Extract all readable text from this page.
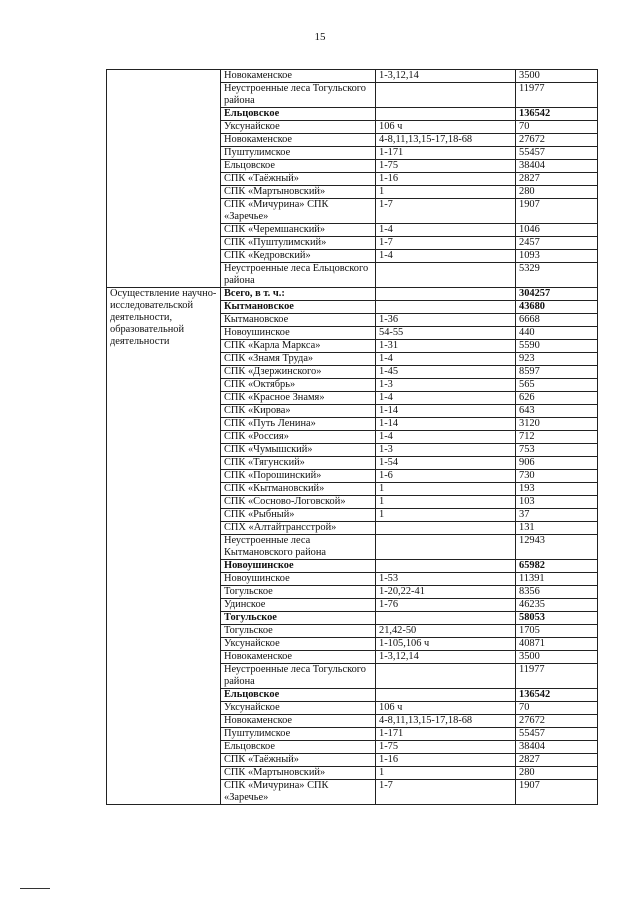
15
	Новокаменское	1-3,12,14	3500
	Неустроенные леса Тогульского района		11977
	Ельцовское		136542
	Уксунайское	106 ч	70
	Новокаменское	4-8,11,13,15-17,18-68	27672
	Пуштулимское	1-171	55457
	Ельцовское	1-75	38404
	СПК «Таёжный»	1-16	2827
	СПК «Мартыновский»	1	280
	СПК «Мичурина» СПК «Заречье»	1-7	1907
	СПК «Черемшанский»	1-4	1046
	СПК «Пуштулимский»	1-7	2457
	СПК «Кедровский»	1-4	1093
	Неустроенные леса Ельцовского района		5329
Осуществление научно-исследовательской деятельности, образовательной деятельности	Всего, в т. ч.:		304257
	Кытмановское		43680
	Кытмановское	1-36	6668
	Новоушинское	54-55	440
	СПК «Карла Маркса»	1-31	5590
	СПК «Знамя Труда»	1-4	923
	СПК «Дзержинского»	1-45	8597
	СПК «Октябрь»	1-3	565
	СПК «Красное Знамя»	1-4	626
	СПК «Кирова»	1-14	643
	СПК «Путь Ленина»	1-14	3120
	СПК «Россия»	1-4	712
	СПК «Чумышский»	1-3	753
	СПК «Тягунский»	1-54	906
	СПК «Порошинский»	1-6	730
	СПК «Кытмановский»	1	193
	СПК «Сосново-Логовской»	1	103
	СПК «Рыбный»	1	37
	СПХ «Алтайтрансстрой»		131
	Неустроенные леса Кытмановского района		12943
	Новоушинское		65982
	Новоушинское	1-53	11391
	Тогульское	1-20,22-41	8356
	Удинское	1-76	46235
	Тогульское		58053
	Тогульское	21,42-50	1705
	Уксунайское	1-105,106 ч	40871
	Новокаменское	1-3,12,14	3500
	Неустроенные леса Тогульского района		11977
	Ельцовское		136542
	Уксунайское	106 ч	70
	Новокаменское	4-8,11,13,15-17,18-68	27672
	Пуштулимское	1-171	55457
	Ельцовское	1-75	38404
	СПК «Таёжный»	1-16	2827
	СПК «Мартыновский»	1	280
	СПК «Мичурина» СПК «Заречье»	1-7	1907
